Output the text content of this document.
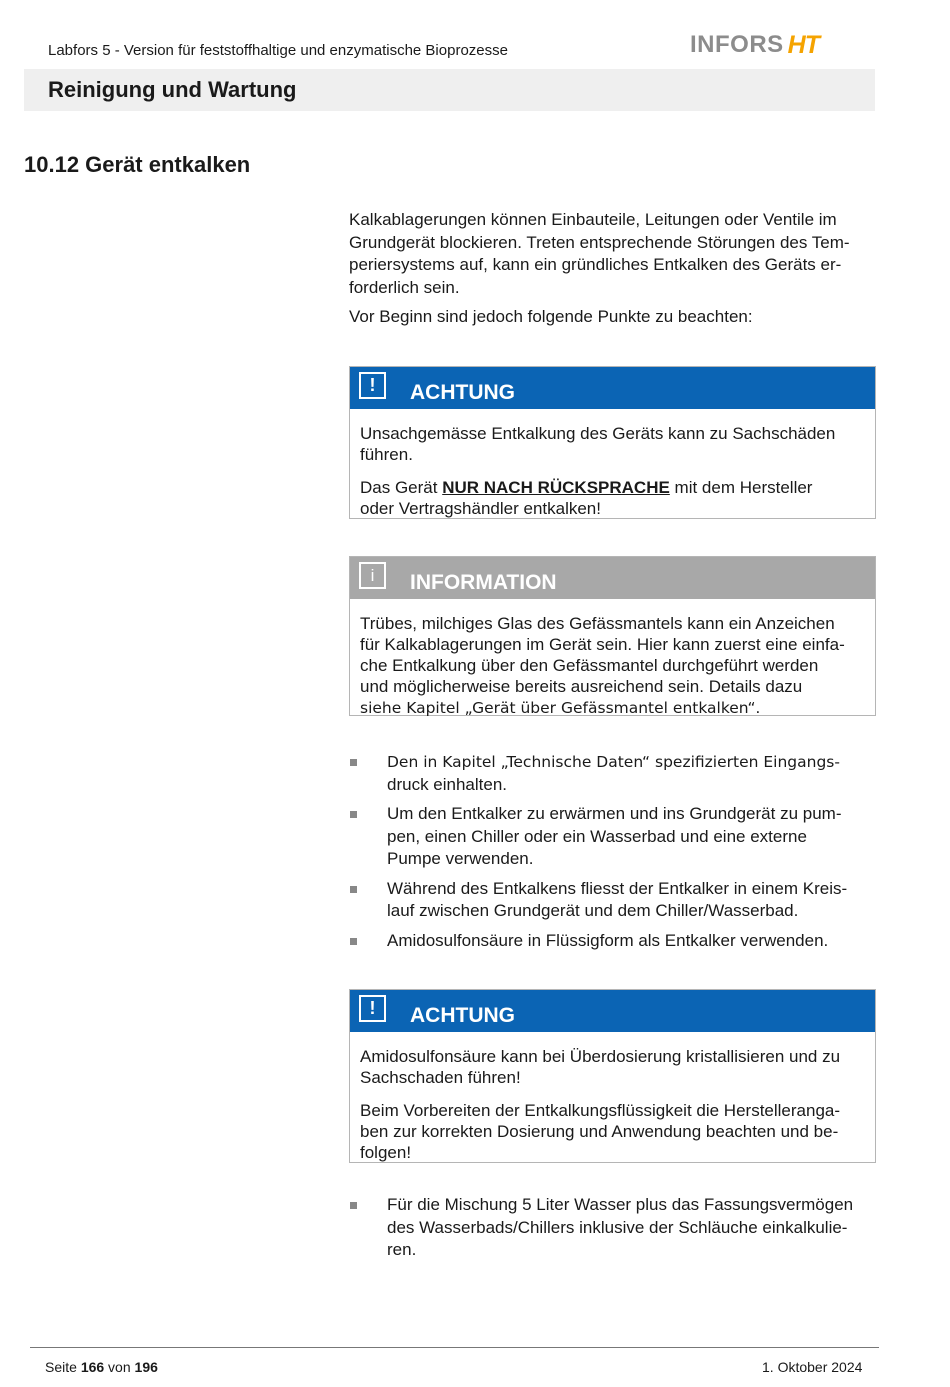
Labfors 5 - Version für feststoffhaltige und enzymatische Bioprozesse	INFORS HT
Reinigung und Wartung
10.12 Gerät entkalken

Kalkablagerungen können Einbauteile, Leitungen oder Ventile im
Grundgerät blockieren. Treten entsprechende Störungen des Tem-
periersystems auf, kann ein gründliches Entkalken des Geräts er-
forderlich sein.

Vor Beginn sind jedoch folgende Punkte zu beachten:

!	ACHTUNG

Unsachgemässe Entkalkung des Geräts kann zu Sachschäden
führen.

Das Gerät NUR NACH RÜCKSPRACHE mit dem Hersteller
oder Vertragshändler entkalken!

i	INFORMATION

Trübes, milchiges Glas des Gefässmantels kann ein Anzeichen
für Kalkablagerungen im Gerät sein. Hier kann zuerst eine einfa-
che Entkalkung über den Gefässmantel durchgeführt werden
und möglicherweise bereits ausreichend sein. Details dazu
siehe Kapitel „Gerät über Gefässmantel entkalken“.

Den in Kapitel „Technische Daten“ spezifizierten Eingangs-
druck einhalten.
Um den Entkalker zu erwärmen und ins Grundgerät zu pum-
pen, einen Chiller oder ein Wasserbad und eine externe
Pumpe verwenden.
Während des Entkalkens fliesst der Entkalker in einem Kreis-
lauf zwischen Grundgerät und dem Chiller/Wasserbad.
Amidosulfonsäure in Flüssigform als Entkalker verwenden.
!	ACHTUNG

Amidosulfonsäure kann bei Überdosierung kristallisieren und zu
Sachschaden führen!

Beim Vorbereiten der Entkalkungsflüssigkeit die Herstelleranga-
ben zur korrekten Dosierung und Anwendung beachten und be-
folgen!

Für die Mischung 5 Liter Wasser plus das Fassungsvermögen
des Wasserbads/Chillers inklusive der Schläuche einkalkulie-
ren.
Seite 166 von 196	1. Oktober 2024
